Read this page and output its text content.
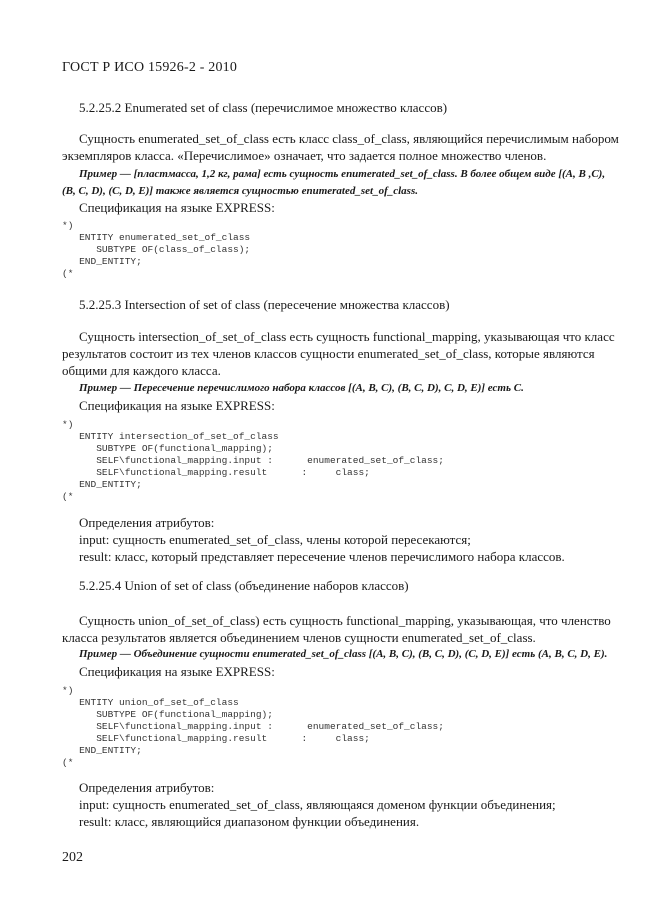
ГОСТ Р ИСО 15926-2 - 2010
5.2.25.2 Enumerated set of class (перечислимое множество классов)
Сущность enumerated_set_of_class есть класс class_of_class, являющийся перечислимым набором
экземпляров класса. «Перечислимое» означает, что задается полное множество членов.
Пример — [пластмасса, 1,2 кг, рама] есть сущность enumerated_set_of_class. В более общем виде [(A, B ,C),
(B, C, D), (C, D, E)] также является сущностью enumerated_set_of_class.
Спецификация на языке EXPRESS:
*)
ENTITY enumerated_set_of_class
SUBTYPE OF(class_of_class);
END_ENTITY;
(*
5.2.25.3 Intersection of set of class (пересечение множества классов)
Сущность intersection_of_set_of_class есть сущность functional_mapping, указывающая что класс
результатов состоит из тех членов классов сущности enumerated_set_of_class, которые являются
общими для каждого класса.
Пример — Пересечение перечислимого набора классов [(A, B, C), (B, C, D), C, D, E)] есть C.
Спецификация на языке EXPRESS:
*)
ENTITY intersection_of_set_of_class
SUBTYPE OF(functional_mapping);
SELF\functional_mapping.input :      enumerated_set_of_class;
SELF\functional_mapping.result      :     class;
END_ENTITY;
(*
Определения атрибутов:
input: сущность enumerated_set_of_class, члены которой пересекаются;
result: класс, который представляет пересечение членов перечислимого набора классов.
5.2.25.4 Union of set of class (объединение наборов классов)
Сущность union_of_set_of_class) есть сущность functional_mapping, указывающая, что членство
класса результатов является объединением членов сущности enumerated_set_of_class.
Пример — Объединение сущности enumerated_set_of_class [(A, B, C), (B, C, D), (C, D, E)] есть (A, B, C, D, E).
Спецификация на языке EXPRESS:
*)
ENTITY union_of_set_of_class
SUBTYPE OF(functional_mapping);
SELF\functional_mapping.input :      enumerated_set_of_class;
SELF\functional_mapping.result      :     class;
END_ENTITY;
(*
Определения атрибутов:
input: сущность enumerated_set_of_class, являющаяся доменом функции объединения;
result: класс, являющийся диапазоном функции объединения.
202
